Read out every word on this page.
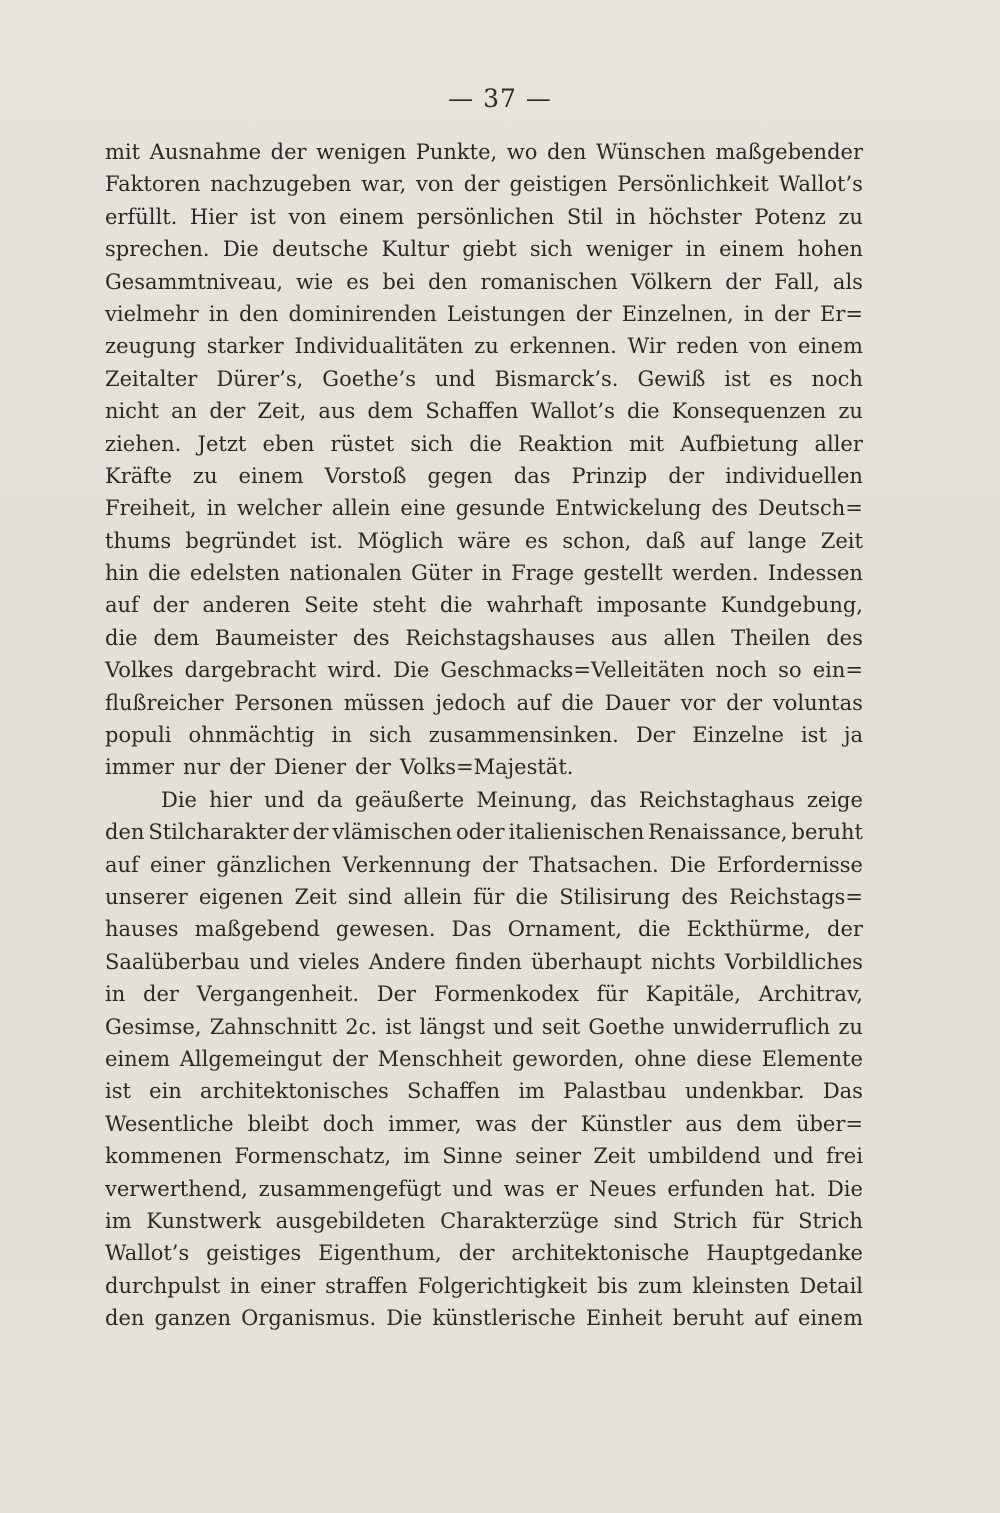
— 37 —
mit Ausnahme der wenigen Punkte, wo den Wünschen maßgebender
Faktoren nachzugeben war, von der geistigen Persönlichkeit Wallot’s
erfüllt. Hier ist von einem persönlichen Stil in höchster Potenz zu
sprechen. Die deutsche Kultur giebt sich weniger in einem hohen
Gesammtniveau, wie es bei den romanischen Völkern der Fall, als
vielmehr in den dominirenden Leistungen der Einzelnen, in der Er=
zeugung starker Individualitäten zu erkennen. Wir reden von einem
Zeitalter Dürer’s, Goethe’s und Bismarck’s. Gewiß ist es noch
nicht an der Zeit, aus dem Schaffen Wallot’s die Konsequenzen zu
ziehen. Jetzt eben rüstet sich die Reaktion mit Aufbietung aller
Kräfte zu einem Vorstoß gegen das Prinzip der individuellen
Freiheit, in welcher allein eine gesunde Entwickelung des Deutsch=
thums begründet ist. Möglich wäre es schon, daß auf lange Zeit
hin die edelsten nationalen Güter in Frage gestellt werden. Indessen
auf der anderen Seite steht die wahrhaft imposante Kundgebung,
die dem Baumeister des Reichstagshauses aus allen Theilen des
Volkes dargebracht wird. Die Geschmacks=Velleitäten noch so ein=
flußreicher Personen müssen jedoch auf die Dauer vor der voluntas
populi ohnmächtig in sich zusammensinken. Der Einzelne ist ja
immer nur der Diener der Volks=Majestät.
Die hier und da geäußerte Meinung, das Reichstaghaus zeige
den Stilcharakter der vlämischen oder italienischen Renaissance, beruht
auf einer gänzlichen Verkennung der Thatsachen. Die Erfordernisse
unserer eigenen Zeit sind allein für die Stilisirung des Reichstags=
hauses maßgebend gewesen. Das Ornament, die Eckthürme, der
Saalüberbau und vieles Andere finden überhaupt nichts Vorbildliches
in der Vergangenheit. Der Formenkodex für Kapitäle, Architrav,
Gesimse, Zahnschnitt 2c. ist längst und seit Goethe unwiderruflich zu
einem Allgemeingut der Menschheit geworden, ohne diese Elemente
ist ein architektonisches Schaffen im Palastbau undenkbar. Das
Wesentliche bleibt doch immer, was der Künstler aus dem über=
kommenen Formenschatz, im Sinne seiner Zeit umbildend und frei
verwerthend, zusammengefügt und was er Neues erfunden hat. Die
im Kunstwerk ausgebildeten Charakterzüge sind Strich für Strich
Wallot’s geistiges Eigenthum, der architektonische Hauptgedanke
durchpulst in einer straffen Folgerichtigkeit bis zum kleinsten Detail
den ganzen Organismus. Die künstlerische Einheit beruht auf einem
